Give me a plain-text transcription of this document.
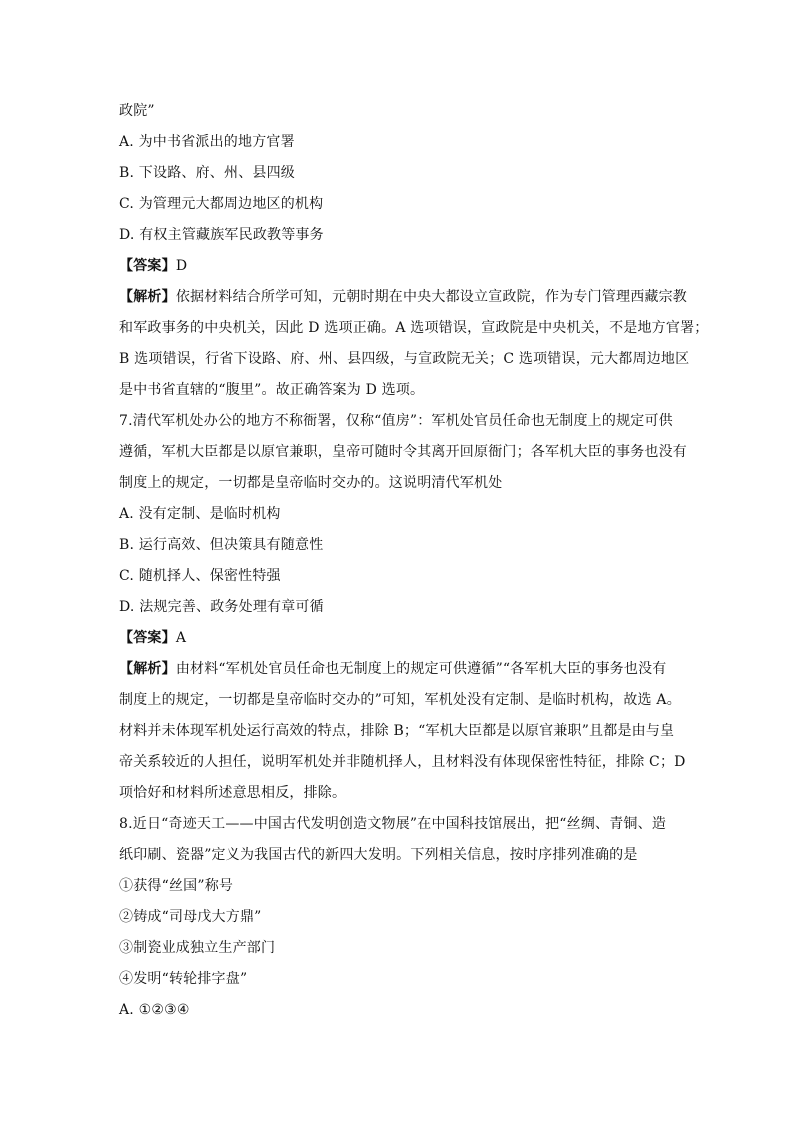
政院”
A. 为中书省派出的地方官署
B. 下设路、府、州、县四级
C. 为管理元大都周边地区的机构
D. 有权主管藏族军民政教等事务
【答案】D
【解析】依据材料结合所学可知，元朝时期在中央大都设立宣政院，作为专门管理西藏宗教
和军政事务的中央机关，因此 D 选项正确。A 选项错误，宣政院是中央机关，不是地方官署；
B 选项错误，行省下设路、府、州、县四级，与宣政院无关；C 选项错误，元大都周边地区
是中书省直辖的“腹里”。故正确答案为 D 选项。
7.清代军机处办公的地方不称衙署，仅称“值房”：军机处官员任命也无制度上的规定可供
遵循，军机大臣都是以原官兼职，皇帝可随时令其离开回原衙门；各军机大臣的事务也没有
制度上的规定，一切都是皇帝临时交办的。这说明清代军机处
A. 没有定制、是临时机构
B. 运行高效、但决策具有随意性
C. 随机择人、保密性特强
D. 法规完善、政务处理有章可循
【答案】A
【解析】由材料“军机处官员任命也无制度上的规定可供遵循”“各军机大臣的事务也没有
制度上的规定，一切都是皇帝临时交办的”可知，军机处没有定制、是临时机构，故选 A。
材料并未体现军机处运行高效的特点，排除 B；“军机大臣都是以原官兼职”且都是由与皇
帝关系较近的人担任，说明军机处并非随机择人，且材料没有体现保密性特征，排除 C；D
项恰好和材料所述意思相反，排除。
8.近日“奇迹天工——中国古代发明创造文物展”在中国科技馆展出，把“丝绸、青铜、造
纸印刷、瓷器”定义为我国古代的新四大发明。下列相关信息，按时序排列准确的是
①获得“丝国”称号
②铸成“司母戊大方鼎”
③制瓷业成独立生产部门
④发明“转轮排字盘”
A. ①②③④
